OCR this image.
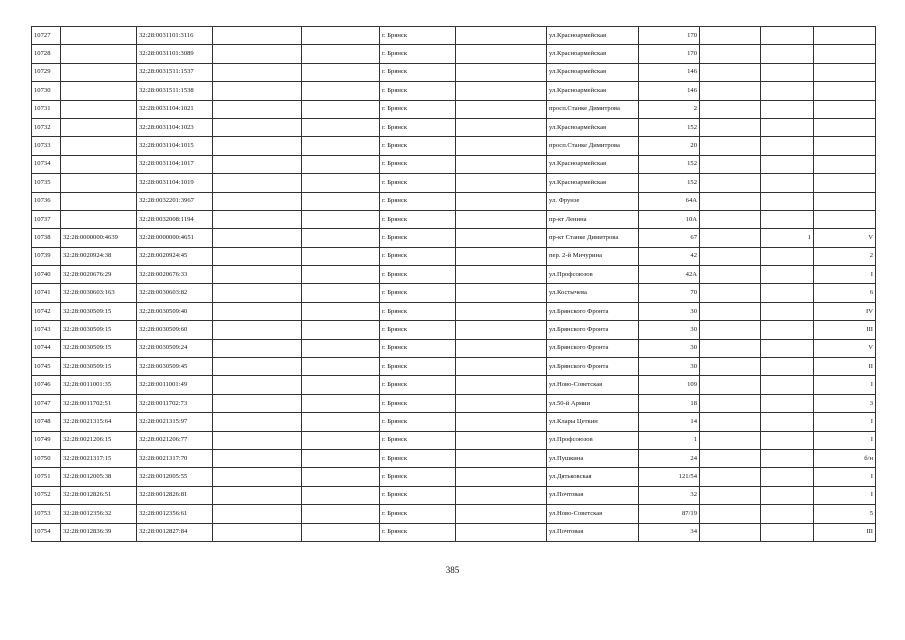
10727		32:28:0031101:3116			г. Брянск		ул.Красноармейская	170			
10728		32:28:0031101:3089			г. Брянск		ул.Красноармейская	170			
10729		32:28:0031511:1537			г. Брянск		ул.Красноармейская	146			
10730		32:28:0031511:1538			г. Брянск		ул.Красноармейская	146			
10731		32:28:0031104:1021			г. Брянск		просп.Станке Димитрова	2			
10732		32:28:0031104:1023			г. Брянск		ул.Красноармейская	152			
10733		32:28:0031104:1015			г. Брянск		просп.Станке Димитрова	20			
10734		32:28:0031104:1017			г. Брянск		ул.Красноармейская	152			
10735		32:28:0031104:1019			г. Брянск		ул.Красноармейская	152			
10736		32:28:0032201:3967			г. Брянск		ул. Фрунзе	64А			
10737		32:28:0032008:1194			г. Брянск		пр-кт Ленина	10А			
10738	32:28:0000000:4639	32:28:0000000:4651			г. Брянск		пр-кт Станке Димитрова	67		1	V
10739	32:28:0020924:38	32:28:0020924:45			г. Брянск		пер. 2-й Мичурина	42			2
10740	32:28:0020676:29	32:28:0020676:33			г. Брянск		ул.Профсоюзов	42А			I
10741	32:28:0030603:163	32:28:0030603:82			г. Брянск		ул.Костычева	70			6
10742	32:28:0030509:15	32:28:0030509:40			г. Брянск		ул.Брянского Фронта	30			IV
10743	32:28:0030509:15	32:28:0030509:60			г. Брянск		ул.Брянского Фронта	30			III
10744	32:28:0030509:15	32:28:0030509:24			г. Брянск		ул.Брянского Фронта	30			V
10745	32:28:0030509:15	32:28:0030509:45			г. Брянск		ул.Брянского Фронта	30			II
10746	32:28:0011001:35	32:28:0011001:49			г. Брянск		ул.Ново-Советская	109			I
10747	32:28:0011702:51	32:28:0011702:73			г. Брянск		ул.50-й Армии	18			3
10748	32:28:0021315:64	32:28:0021315:97			г. Брянск		ул.Клары Цеткин	14			I
10749	32:28:0021206:15	32:28:0021206:77			г. Брянск		ул.Профсоюзов	1			I
10750	32:28:0021317:15	32:28:0021317:70			г. Брянск		ул.Пушкина	24			б/н
10751	32:28:0012005:38	32:28:0012005:55			г. Брянск		ул.Дятьковская	121/54			I
10752	32:28:0012826:51	32:28:0012826:81			г. Брянск		ул.Почтовая	32			I
10753	32:28:0012356:32	32:28:0012356:61			г. Брянск		ул.Ново-Советская	87/19			5
10754	32:28:0012836:39	32:28:0012827:84			г. Брянск		ул.Почтовая	34			III
385
